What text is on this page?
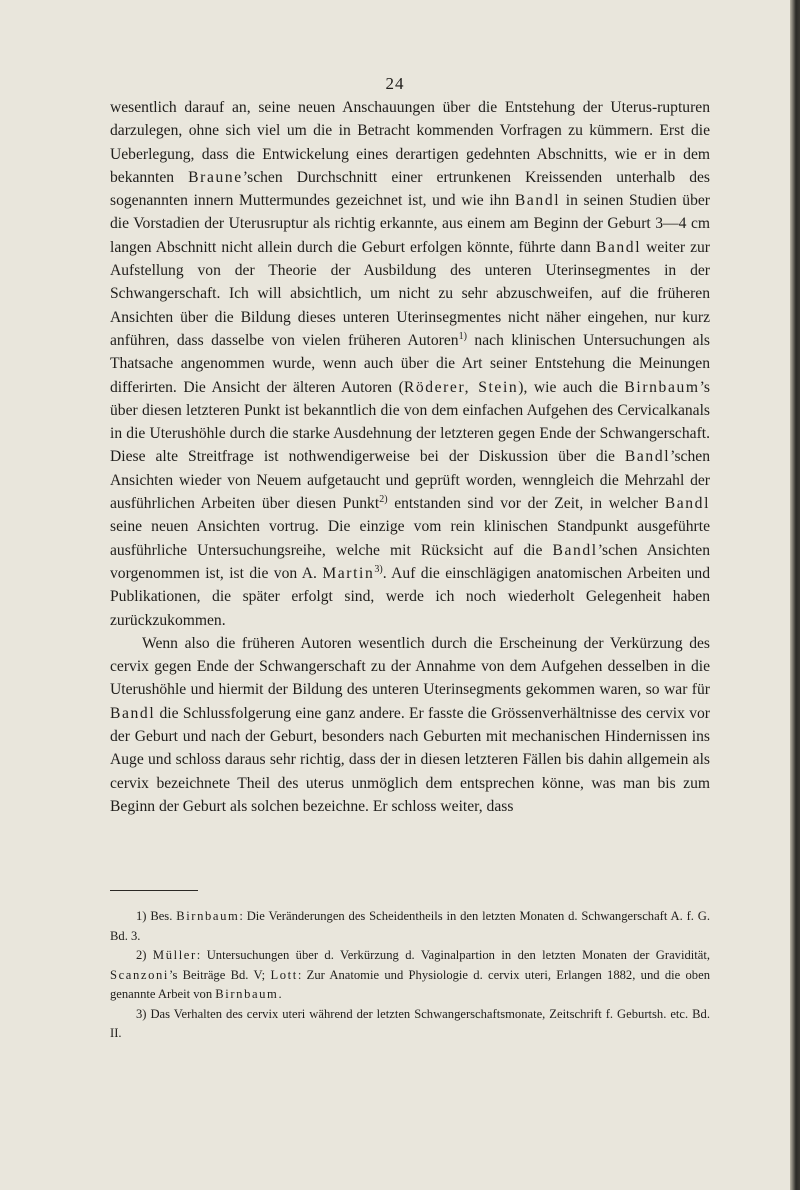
24

wesentlich darauf an, seine neuen Anschauungen über die Entstehung der Uterus-rupturen darzulegen, ohne sich viel um die in Betracht kommenden Vorfragen zu kümmern. Erst die Ueberlegung, dass die Entwickelung eines derartigen gedehnten Abschnitts, wie er in dem bekannten Braune’schen Durchschnitt einer ertrunkenen Kreissenden unterhalb des sogenannten innern Muttermundes gezeichnet ist, und wie ihn Bandl in seinen Studien über die Vorstadien der Uterusruptur als richtig erkannte, aus einem am Beginn der Geburt 3—4 cm langen Abschnitt nicht allein durch die Geburt erfolgen könnte, führte dann Bandl weiter zur Aufstellung von der Theorie der Ausbildung des unteren Uterinsegmentes in der Schwangerschaft. Ich will absichtlich, um nicht zu sehr abzuschweifen, auf die früheren Ansichten über die Bildung dieses unteren Uterinsegmentes nicht näher eingehen, nur kurz anführen, dass dasselbe von vielen früheren Autoren$^{1)}$ nach klinischen Untersuchungen als Thatsache angenommen wurde, wenn auch über die Art seiner Entstehung die Meinungen differirten. Die Ansicht der älteren Autoren (Röderer, Stein), wie auch die Birnbaum’s über diesen letzteren Punkt ist bekanntlich die von dem einfachen Aufgehen des Cervicalkanals in die Uterushöhle durch die starke Ausdehnung der letzteren gegen Ende der Schwangerschaft. Diese alte Streitfrage ist nothwendigerweise bei der Diskussion über die Bandl’schen Ansichten wieder von Neuem aufgetaucht und geprüft worden, wenngleich die Mehrzahl der ausführlichen Arbeiten über diesen Punkt$^{2)}$ entstanden sind vor der Zeit, in welcher Bandl seine neuen Ansichten vortrug. Die einzige vom rein klinischen Standpunkt ausgeführte ausführliche Untersuchungsreihe, welche mit Rücksicht auf die Bandl’schen Ansichten vorgenommen ist, ist die von A. Martin$^{3)}$. Auf die einschlägigen anatomischen Arbeiten und Publikationen, die später erfolgt sind, werde ich noch wiederholt Gelegenheit haben zurückzukommen.

Wenn also die früheren Autoren wesentlich durch die Erscheinung der Verkürzung des cervix gegen Ende der Schwangerschaft zu der Annahme von dem Aufgehen desselben in die Uterushöhle und hiermit der Bildung des unteren Uterinsegments gekommen waren, so war für Bandl die Schlussfolgerung eine ganz andere. Er fasste die Grössenverhältnisse des cervix vor der Geburt und nach der Geburt, besonders nach Geburten mit mechanischen Hindernissen ins Auge und schloss daraus sehr richtig, dass der in diesen letzteren Fällen bis dahin allgemein als cervix bezeichnete Theil des uterus unmöglich dem entsprechen könne, was man bis zum Beginn der Geburt als solchen bezeichne. Er schloss weiter, dass

1) Bes. Birnbaum: Die Veränderungen des Scheidentheils in den letzten Monaten d. Schwangerschaft A. f. G. Bd. 3.

2) Müller: Untersuchungen über d. Verkürzung d. Vaginalpartion in den letzten Monaten der Gravidität, Scanzoni’s Beiträge Bd. V; Lott: Zur Anatomie und Physiologie d. cervix uteri, Erlangen 1882, und die oben genannte Arbeit von Birnbaum.

3) Das Verhalten des cervix uteri während der letzten Schwangerschaftsmonate, Zeitschrift f. Geburtsh. etc. Bd. II.
